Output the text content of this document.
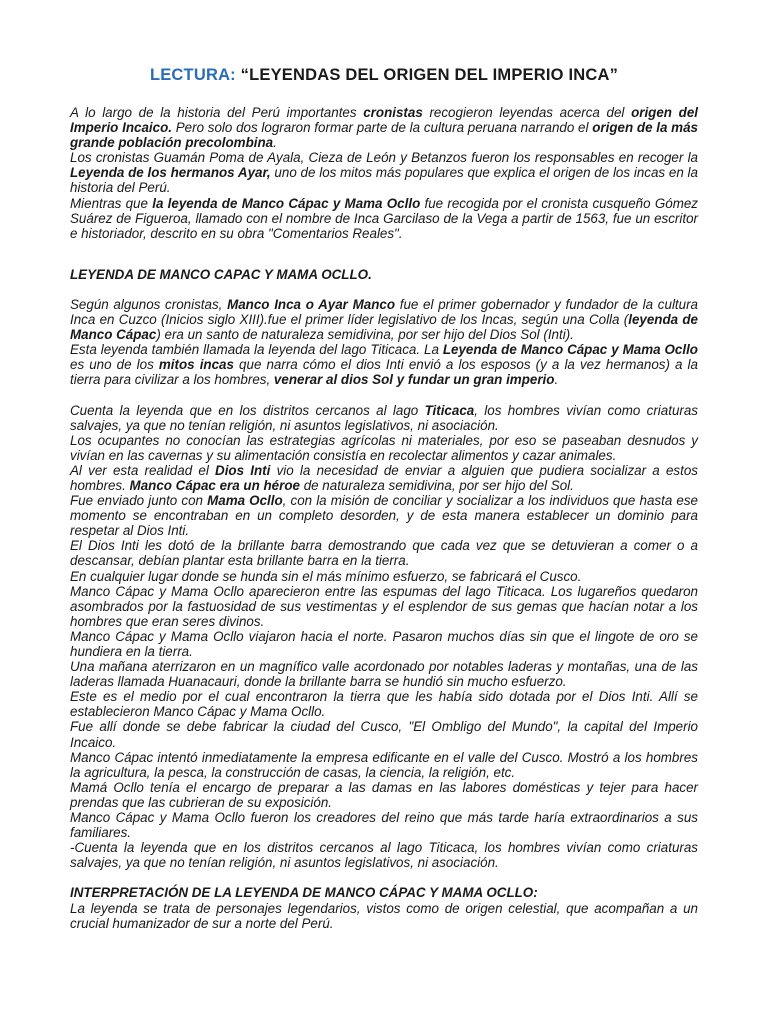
LECTURA: “LEYENDAS DEL ORIGEN DEL IMPERIO INCA”

A lo largo de la historia del Perú importantes cronistas recogieron leyendas acerca del origen del Imperio Incaico. Pero solo dos lograron formar parte de la cultura peruana narrando el origen de la más grande población precolombina.

Los cronistas Guamán Poma de Ayala, Cieza de León y Betanzos fueron los responsables en recoger la Leyenda de los hermanos Ayar, uno de los mitos más populares que explica el origen de los incas en la historia del Perú.

Mientras que la leyenda de Manco Cápac y Mama Ocllo fue recogida por el cronista cusqueño Gómez Suárez de Figueroa, llamado con el nombre de Inca Garcilaso de la Vega a partir de 1563, fue un escritor e historiador, descrito en su obra "Comentarios Reales".

LEYENDA DE MANCO CAPAC Y MAMA OCLLO.

Según algunos cronistas, Manco Inca o Ayar Manco fue el primer gobernador y fundador de la cultura Inca en Cuzco (Inicios siglo XIII).fue el primer líder legislativo de los Incas, según una Colla (leyenda de Manco Cápac) era un santo de naturaleza semidivina, por ser hijo del Dios Sol (Inti).

Esta leyenda también llamada la leyenda del lago Titicaca. La Leyenda de Manco Cápac y Mama Ocllo es uno de los mitos incas que narra cómo el dios Inti envió a los esposos (y a la vez hermanos) a la tierra para civilizar a los hombres, venerar al dios Sol y fundar un gran imperio.

Cuenta la leyenda que en los distritos cercanos al lago Titicaca, los hombres vivían como criaturas salvajes, ya que no tenían religión, ni asuntos legislativos, ni asociación.

Los ocupantes no conocían las estrategias agrícolas ni materiales, por eso se paseaban desnudos y vivían en las cavernas y su alimentación consistía en recolectar alimentos y cazar animales.

Al ver esta realidad el Dios Inti vio la necesidad de enviar a alguien que pudiera socializar a estos hombres. Manco Cápac era un héroe de naturaleza semidivina, por ser hijo del Sol.

Fue enviado junto con Mama Ocllo, con la misión de conciliar y socializar a los individuos que hasta ese momento se encontraban en un completo desorden, y de esta manera establecer un dominio para respetar al Dios Inti.

El Dios Inti les dotó de la brillante barra demostrando que cada vez que se detuvieran a comer o a descansar, debían plantar esta brillante barra en la tierra.

En cualquier lugar donde se hunda sin el más mínimo esfuerzo, se fabricará el Cusco.

Manco Cápac y Mama Ocllo aparecieron entre las espumas del lago Titicaca. Los lugareños quedaron asombrados por la fastuosidad de sus vestimentas y el esplendor de sus gemas que hacían notar a los hombres que eran seres divinos.

Manco Cápac y Mama Ocllo viajaron hacia el norte. Pasaron muchos días sin que el lingote de oro se hundiera en la tierra.

Una mañana aterrizaron en un magnífico valle acordonado por notables laderas y montañas, una de las laderas llamada Huanacauri, donde la brillante barra se hundió sin mucho esfuerzo.

Este es el medio por el cual encontraron la tierra que les había sido dotada por el Dios Inti. Allí se establecieron Manco Cápac y Mama Ocllo.

Fue allí donde se debe fabricar la ciudad del Cusco, "El Ombligo del Mundo", la capital del Imperio Incaico.

Manco Cápac intentó inmediatamente la empresa edificante en el valle del Cusco. Mostró a los hombres la agricultura, la pesca, la construcción de casas, la ciencia, la religión, etc.

Mamá Ocllo tenía el encargo de preparar a las damas en las labores domésticas y tejer para hacer prendas que las cubrieran de su exposición.

Manco Cápac y Mama Ocllo fueron los creadores del reino que más tarde haría extraordinarios a sus familiares.

-Cuenta la leyenda que en los distritos cercanos al lago Titicaca, los hombres vivían como criaturas salvajes, ya que no tenían religión, ni asuntos legislativos, ni asociación.

INTERPRETACIÓN DE LA LEYENDA DE MANCO CÁPAC Y MAMA OCLLO:

La leyenda se trata de personajes legendarios, vistos como de origen celestial, que acompañan a un crucial humanizador de sur a norte del Perú.
